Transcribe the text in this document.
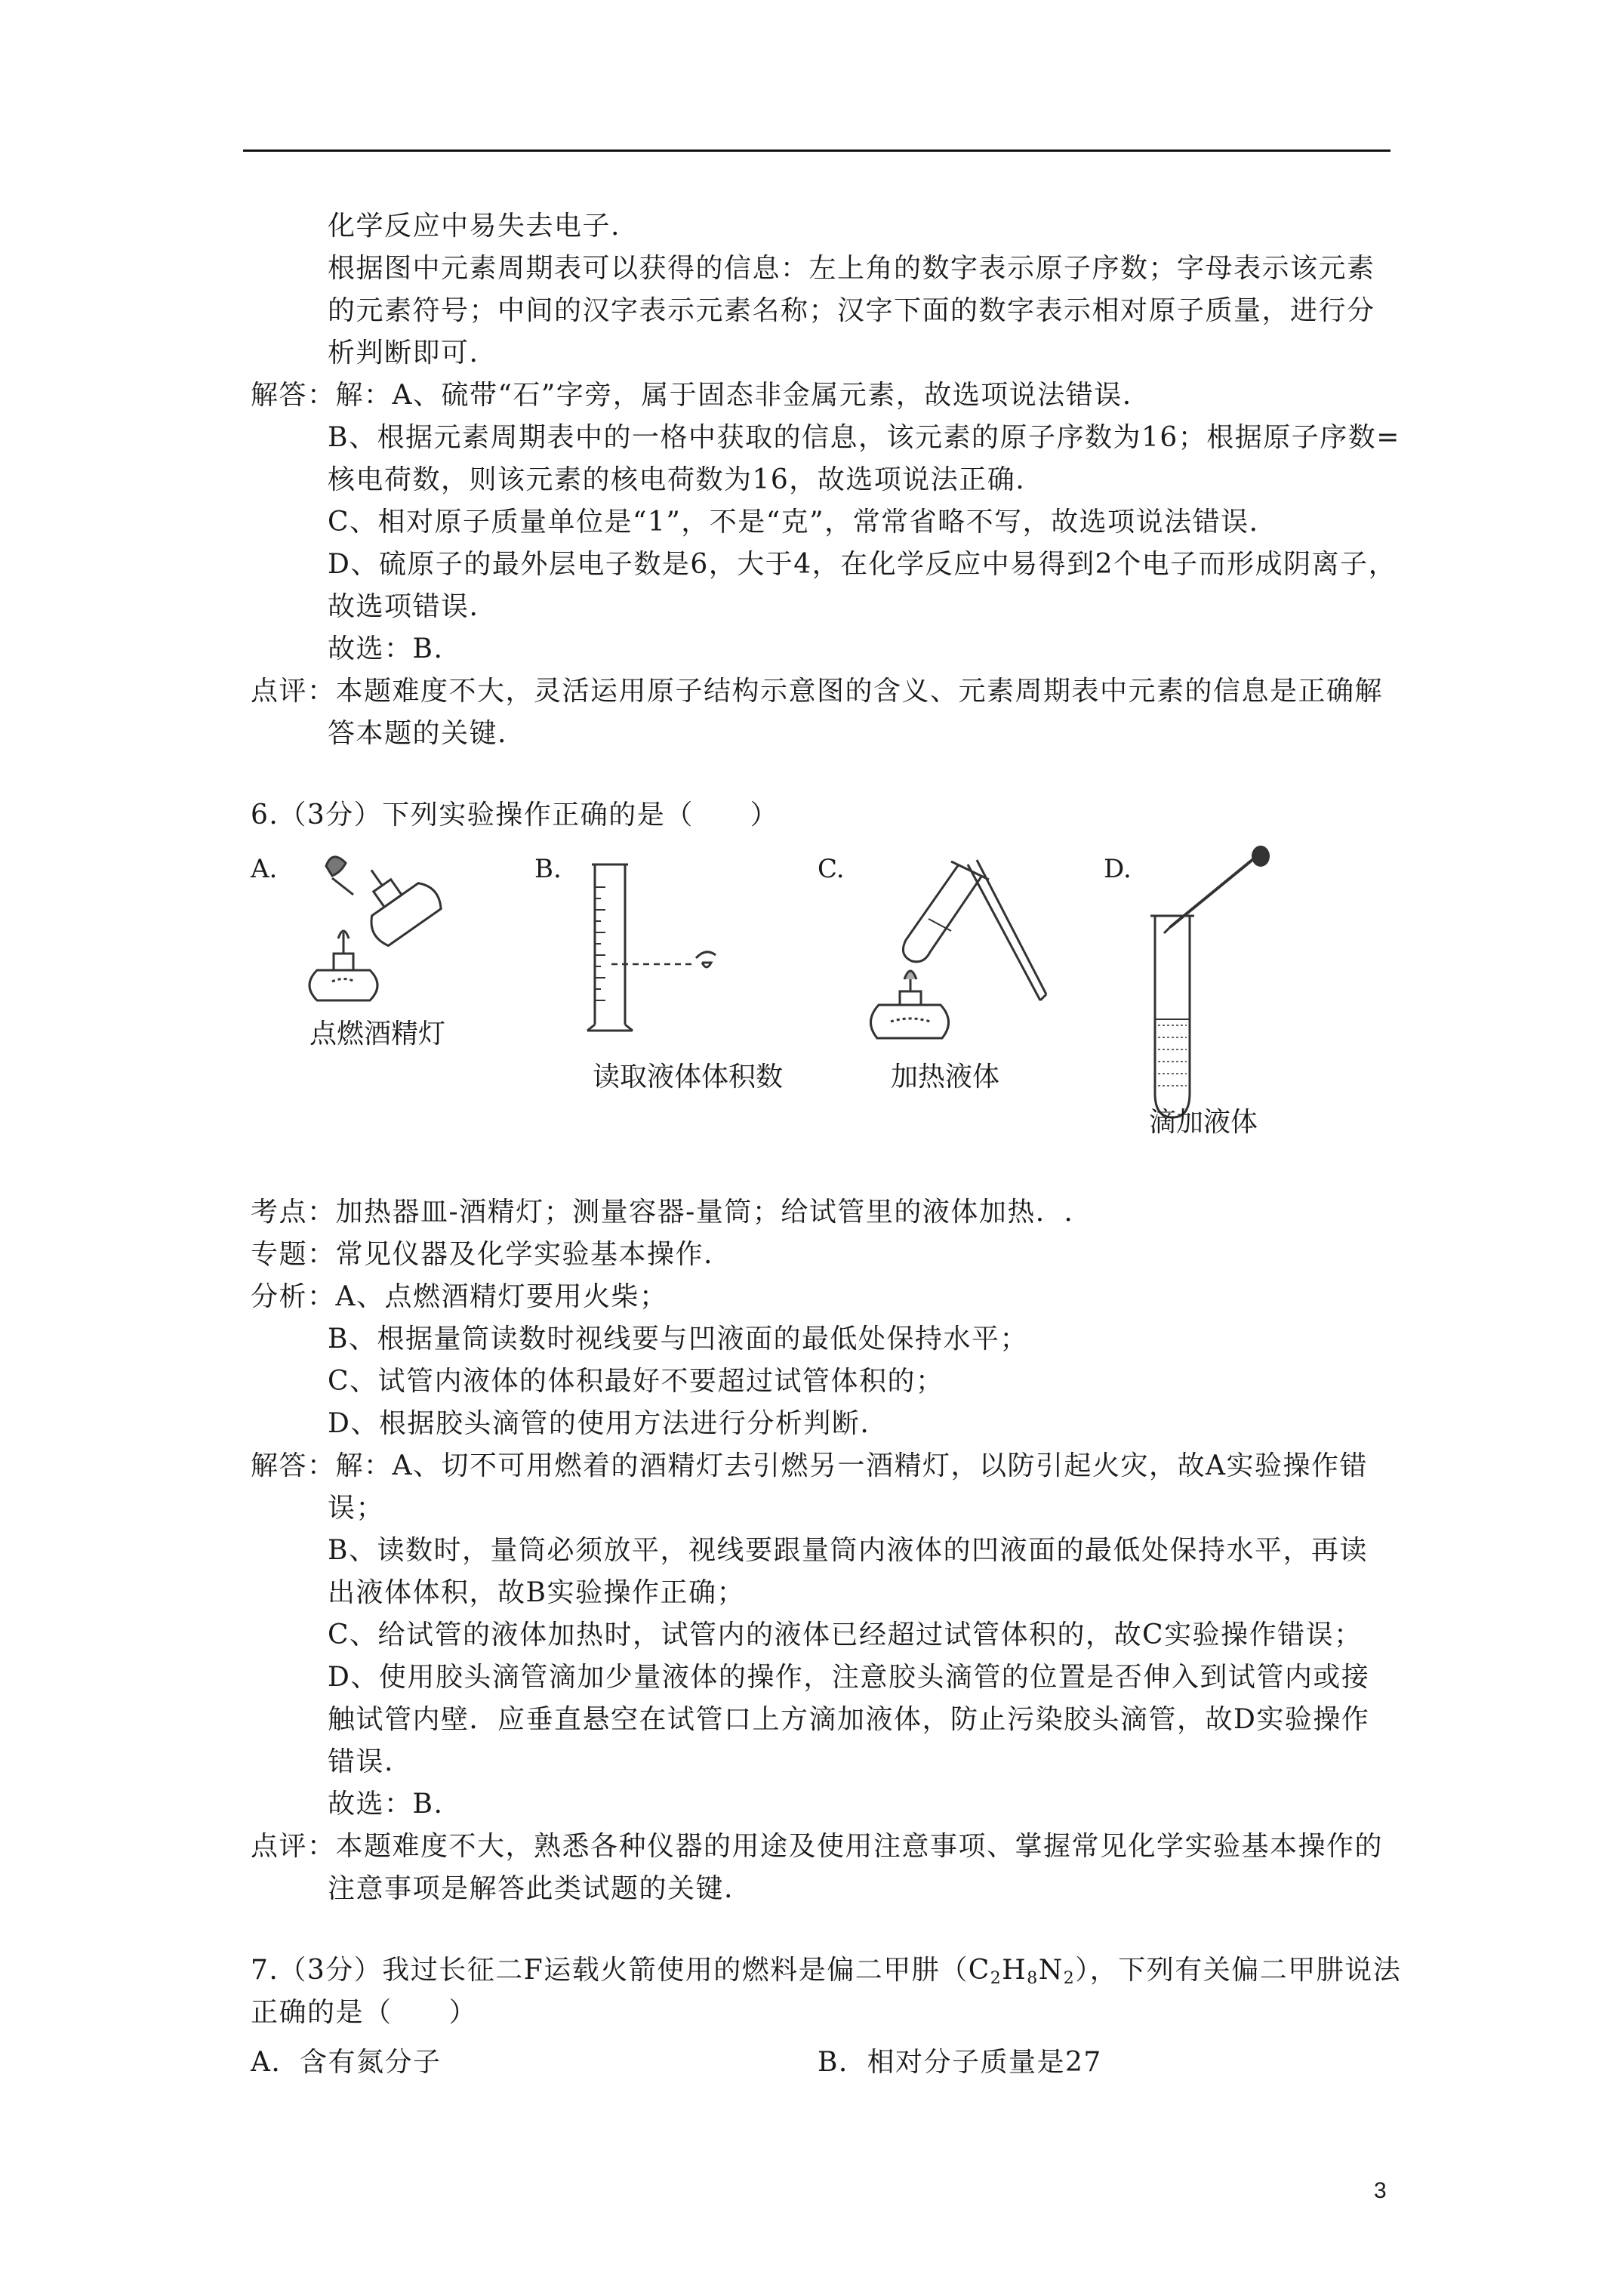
化学反应中易失去电子.
根据图中元素周期表可以获得的信息：左上角的数字表示原子序数；字母表示该元素
的元素符号；中间的汉字表示元素名称；汉字下面的数字表示相对原子质量，进行分
析判断即可.
解答：解：A、硫带“石”字旁，属于固态非金属元素，故选项说法错误.
B、根据元素周期表中的一格中获取的信息，该元素的原子序数为16；根据原子序数=
核电荷数，则该元素的核电荷数为16，故选项说法正确.
C、相对原子质量单位是“1”，不是“克”，常常省略不写，故选项说法错误.
D、硫原子的最外层电子数是6，大于4，在化学反应中易得到2个电子而形成阴离子，
故选项错误.
故选：B.
点评：本题难度不大，灵活运用原子结构示意图的含义、元素周期表中元素的信息是正确解
答本题的关键.
6.（3分）下列实验操作正确的是（　　）
A.	B.	C.	D.
点燃酒精灯
读取液体体积数	加热液体
滴加液体
考点：加热器皿-酒精灯；测量容器-量筒；给试管里的液体加热．.
专题：常见仪器及化学实验基本操作.
分析：A、点燃酒精灯要用火柴；
B、根据量筒读数时视线要与凹液面的最低处保持水平；
C、试管内液体的体积最好不要超过试管体积的；
D、根据胶头滴管的使用方法进行分析判断.
解答：解：A、切不可用燃着的酒精灯去引燃另一酒精灯，以防引起火灾，故A实验操作错
误；
B、读数时，量筒必须放平，视线要跟量筒内液体的凹液面的最低处保持水平，再读
出液体体积，故B实验操作正确；
C、给试管的液体加热时，试管内的液体已经超过试管体积的，故C实验操作错误；
D、使用胶头滴管滴加少量液体的操作，注意胶头滴管的位置是否伸入到试管内或接
触试管内壁．应垂直悬空在试管口上方滴加液体，防止污染胶头滴管，故D实验操作
错误.
故选：B.
点评：本题难度不大，熟悉各种仪器的用途及使用注意事项、掌握常见化学实验基本操作的
注意事项是解答此类试题的关键.
7.（3分）我过长征二F运载火箭使用的燃料是偏二甲肼$(C_2H_8N_2)$，下列有关偏二甲肼说法
正确的是（　　）
A．含有氮分子	B．相对分子质量是27
3
